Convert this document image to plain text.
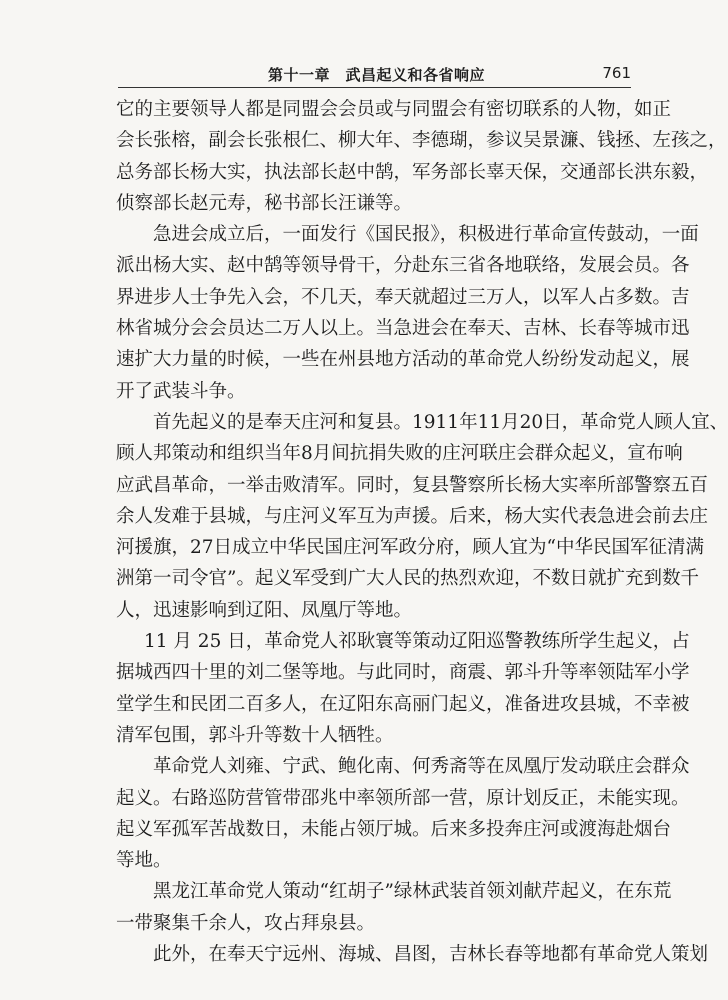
第十一章　武昌起义和各省响应	761
它的主要领导人都是同盟会会员或与同盟会有密切联系的人物，如正
会长张榕，副会长张根仁、柳大年、李德瑚，参议吴景濂、钱拯、左孩之，
总务部长杨大实，执法部长赵中鹄，军务部长辜天保，交通部长洪东毅，
侦察部长赵元寿，秘书部长汪谦等。
急进会成立后，一面发行《国民报》，积极进行革命宣传鼓动，一面
派出杨大实、赵中鹄等领导骨干，分赴东三省各地联络，发展会员。各
界进步人士争先入会，不几天，奉天就超过三万人，以军人占多数。吉
林省城分会会员达二万人以上。当急进会在奉天、吉林、长春等城市迅
速扩大力量的时候，一些在州县地方活动的革命党人纷纷发动起义，展
开了武装斗争。
首先起义的是奉天庄河和复县。1911年11月20日，革命党人顾人宜、
顾人邦策动和组织当年8月间抗捐失败的庄河联庄会群众起义，宣布响
应武昌革命，一举击败清军。同时，复县警察所长杨大实率所部警察五百
余人发难于县城，与庄河义军互为声援。后来，杨大实代表急进会前去庄
河援旗，27日成立中华民国庄河军政分府，顾人宜为“中华民国军征清满
洲第一司令官”。起义军受到广大人民的热烈欢迎，不数日就扩充到数千
人，迅速影响到辽阳、凤凰厅等地。
11 月 25 日，革命党人祁耿寰等策动辽阳巡警教练所学生起义，占
据城西四十里的刘二堡等地。与此同时，商震、郭斗升等率领陆军小学
堂学生和民团二百多人，在辽阳东高丽门起义，准备进攻县城，不幸被
清军包围，郭斗升等数十人牺牲。
革命党人刘雍、宁武、鲍化南、何秀斋等在凤凰厅发动联庄会群众
起义。右路巡防营管带邵兆中率领所部一营，原计划反正，未能实现。
起义军孤军苦战数日，未能占领厅城。后来多投奔庄河或渡海赴烟台
等地。
黑龙江革命党人策动“红胡子”绿林武装首领刘献芹起义，在东荒
一带聚集千余人，攻占拜泉县。
此外，在奉天宁远州、海城、昌图，吉林长春等地都有革命党人策划
